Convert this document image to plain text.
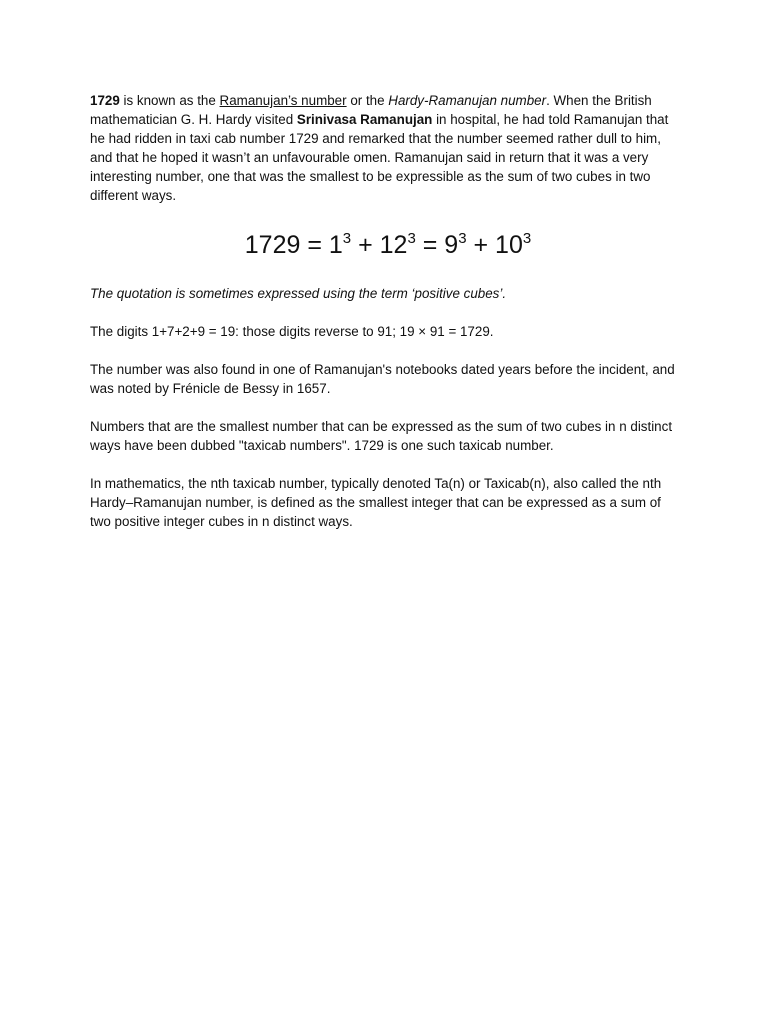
1729 is known as the Ramanujan’s number or the Hardy-Ramanujan number. When the British mathematician G. H. Hardy visited Srinivasa Ramanujan in hospital, he had told Ramanujan that he had ridden in taxi cab number 1729 and remarked that the number seemed rather dull to him, and that he hoped it wasn’t an unfavourable omen. Ramanujan said in return that it was a very interesting number, one that was the smallest to be expressible as the sum of two cubes in two different ways.

$1729 = 1^3 + 12^3 = 9^3 + 10^3$

The quotation is sometimes expressed using the term ‘positive cubes’.

The digits 1+7+2+9 = 19: those digits reverse to 91; 19 × 91 = 1729.

The number was also found in one of Ramanujan's notebooks dated years before the incident, and was noted by Frénicle de Bessy in 1657.

Numbers that are the smallest number that can be expressed as the sum of two cubes in n distinct ways have been dubbed "taxicab numbers". 1729 is one such taxicab number.

In mathematics, the nth taxicab number, typically denoted Ta(n) or Taxicab(n), also called the nth Hardy–Ramanujan number, is defined as the smallest integer that can be expressed as a sum of two positive integer cubes in n distinct ways.
